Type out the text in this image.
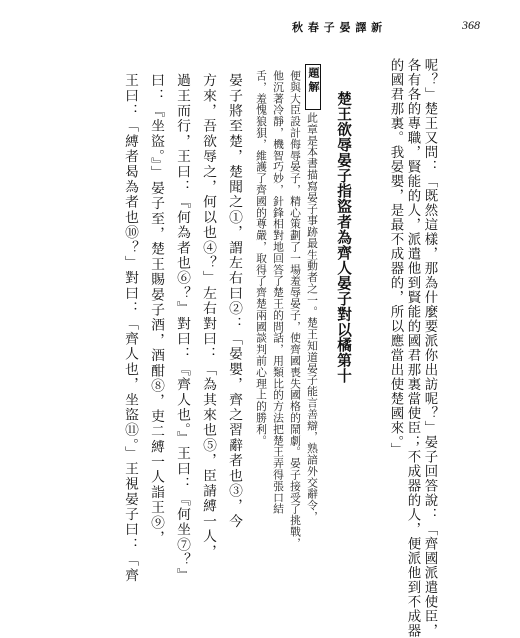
秋 春 子 晏 譯 新	368
呢？」楚王又問：「既然這樣，那為什麼要派你出訪呢？」晏子回答說：「齊國派遣使臣，
各有各的專職，賢能的人，派遣他到賢能的國君那裏當使臣；不成器的人，便派他到不成器
的國君那裏。我晏嬰，是最不成器的，所以應當出使楚國來。」
楚王欲辱晏子指盜者為齊人晏子對以橘第十
題解
此章是本書描寫晏子事跡最生動者之一。楚王知道晏子能言善辯，熟諳外交辭令，
便與大臣設計侮辱晏子，精心策劃了一場羞辱晏子，使齊國喪失國格的鬧劇。晏子接受了挑戰，
他沉著冷靜，機智巧妙，針鋒相對地回答了楚王的問話，用類比的方法把楚王弄得張口結
舌，羞愧狼狽，維護了齊國的尊嚴，取得了齊楚兩國談判前心理上的勝利。
晏子將至楚，楚聞之①，謂左右曰②：「晏嬰，齊之習辭者也③，今
方來，吾欲辱之，何以也④？」左右對曰：「為其來也⑤，臣請縛一人，
過王而行，王曰：『何為者也⑥？』對曰：『齊人也。』王曰：『何坐⑦？』
曰：『坐盜。』」晏子至，楚王賜晏子酒，酒酣⑧，吏二縛一人詣王⑨，
王曰：「縛者曷為者也⑩？」對曰：「齊人也，坐盜⑪。」王視晏子曰：「齊
